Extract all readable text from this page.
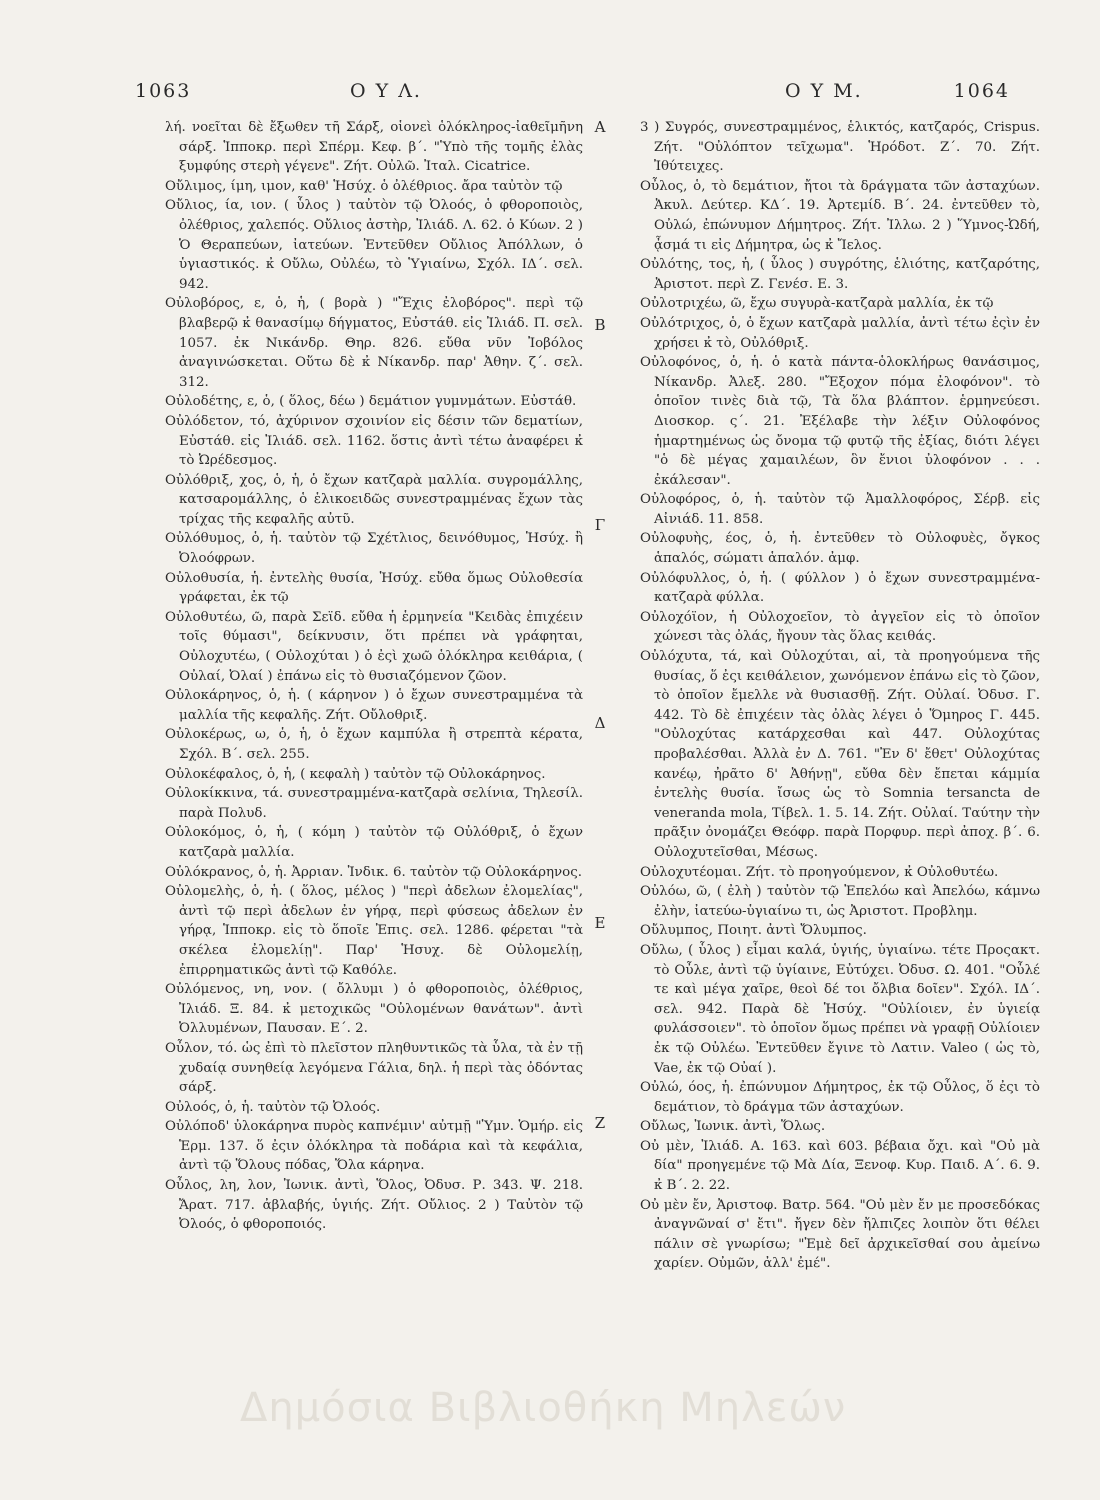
1063	Ο Υ Λ.	Ο Υ Μ.	1064

λή. νοεῖται δὲ ἔξωθεν τῆ Σάρξ, οἱονεὶ ὁλόκληρος-ἰαθεῖμῆνη σάρξ. Ἱπποκρ. περὶ Σπέρμ. Κεφ. β΄. "Ὑπὸ τῆς τομῆς ἐλὰς ξυμφύης στερὴ γέγενε". Ζήτ. Οὐλῶ. Ἰταλ. Cicatrice.

Οὔλιμος, ίμη, ιμον, καθ' Ἡσύχ. ὁ ὀλέθριος. ἄρα ταὐτὸν τῷ

Οὔλιος, ία, ιον. ( ὗλος ) ταὐτὸν τῷ Ὀλοός, ὁ φθοροποιὸς, ὀλέθριος, χαλεπός. Οὔλιος ἀστὴρ, Ἰλιάδ. Λ. 62. ὁ Κύων. 2 ) Ὁ Θεραπεύων, ἰατεύων. Ἐντεῦθεν Οὔλιος Ἀπόλλων, ὁ ὑγιαστικός. κ̓ Οὔλω, Οὐλέω, τὸ Ὑγιαίνω, Σχόλ. ΙΔ΄. σελ. 942.

Οὐλοβόρος, ε, ὁ, ἡ, ( βορὰ ) "Ἔχις ἐλοβόρος". περὶ τῷ βλαβερῷ κ̓ θανασίμῳ δήγματος, Εὐστάθ. εἰς Ἰλιάδ. Π. σελ. 1057. ἐκ Νικάνδρ. Θηρ. 826. εὔθα νῦν Ἰοβόλος ἀναγινώσκεται. Οὕτω δὲ κ̓ Νίκανδρ. παρ' Ἀθην. ζ΄. σελ. 312.

Οὐλοδέτης, ε, ὁ, ( ὅλος, δέω ) δεμάτιον γυμνμάτων. Εὐστάθ.

Οὐλόδετον, τό, ἀχύρινον σχοινίον εἰς δέσιν τῶν δεματίων, Εὐστάθ. εἰς Ἰλιάδ. σελ. 1162. ὅστις ἀντὶ τέτω ἀναφέρει κ̓ τὸ Ὠρέδεσμος.

Οὐλόθριξ, χος, ὁ, ἡ, ὁ ἔχων κατζαρὰ μαλλία. συγρομάλλης, κατσαρομάλλης, ὁ ἑλικοειδῶς συνεστραμμένας ἔχων τὰς τρίχας τῆς κεφαλῆς αὐτῦ.

Οὐλόθυμος, ὁ, ἡ. ταὐτὸν τῷ Σχέτλιος, δεινόθυμος, Ἡσύχ. ἢ Ὀλοόφρων.

Οὐλοθυσία, ἡ. ἐντελὴς θυσία, Ἡσύχ. εὔθα ὅμως Οὐλοθεσία γράφεται, ἐκ τῷ

Οὐλοθυτέω, ῶ, παρὰ Σεϊδ. εὔθα ἡ ἑρμηνεία "Κειδὰς ἐπιχέειν τοῖς θύμασι", δείκνυσιν, ὅτι πρέπει νὰ γράφηται, Οὐλοχυτέω, ( Οὐλοχύται ) ὁ ἐςὶ χωῶ ὁλόκληρα κειθάρια, ( Οὐλαί, Ὀλαί ) ἐπάνω εἰς τὸ θυσιαζόμενον ζῶον.

Οὐλοκάρηνος, ὁ, ἡ. ( κάρηνον ) ὁ ἔχων συνεστραμμένα τὰ μαλλία τῆς κεφαλῆς. Ζήτ. Οὔλοθριξ.

Οὐλοκέρως, ω, ὁ, ἡ, ὁ ἔχων καμπύλα ἢ στρεπτὰ κέρατα, Σχόλ. Β΄. σελ. 255.

Οὐλοκέφαλος, ὁ, ἡ, ( κεφαλὴ ) ταὐτὸν τῷ Οὐλοκάρηνος.

Οὐλοκίκκινα, τά. συνεστραμμένα-κατζαρὰ σελίνια, Τηλεσίλ. παρὰ Πολυδ.

Οὐλοκόμος, ὁ, ἡ, ( κόμη ) ταὐτὸν τῷ Οὐλόθριξ, ὁ ἔχων κατζαρὰ μαλλία.

Οὐλόκρανος, ὁ, ἡ. Ἀρριαν. Ἰνδικ. 6. ταὐτὸν τῷ Οὐλοκάρηνος.

Οὐλομελὴς, ὁ, ἡ. ( ὅλος, μέλος ) "περὶ ἀδελων ἐλομελίας", ἀντὶ τῷ περὶ ἀδελων ἐν γήρᾳ, περὶ φύσεως ἀδελων ἐν γήρᾳ, Ἱπποκρ. εἰς τὸ ὅποῖε Ἐπις. σελ. 1286. φέρεται "τὰ σκέλεα ἐλομελίῃ". Παρ' Ἡσυχ. δὲ Οὐλομελίῃ, ἐπιρρηματικῶς ἀντὶ τῷ Καθόλε.

Οὐλόμενος, νη, νον. ( ὄλλυμι ) ὁ φθοροποιὸς, ὀλέθριος, Ἰλιάδ. Ξ. 84. κ̓ μετοχικῶς "Οὐλομένων θανάτων". ἀντὶ Ὀλλυμένων, Παυσαν. Ε΄. 2.

Οὖλον, τό. ὡς ἐπὶ τὸ πλεῖστον πληθυντικῶς τὰ ὗλα, τὰ ἐν τῇ χυδαίᾳ συνηθείᾳ λεγόμενα Γάλια, δηλ. ἡ περὶ τὰς ὀδόντας σάρξ.

Οὐλοός, ὁ, ἡ. ταὐτὸν τῷ Ὀλοός.

Οὐλόποδ' ὐλοκάρηνα πυρὸς καπνέμιν' αὐτμῇ "Ὑμν. Ὁμήρ. εἰς Ἑρμ. 137. ὅ ἐςιν ὁλόκληρα τὰ ποδάρια καὶ τὰ κεφάλια, ἀντὶ τῷ Ὅλους πόδας, Ὅλα κάρηνα.

Οὖλος, λη, λον, Ἰωνικ. ἀντὶ, Ὅλος, Ὀδυσ. Ρ. 343. Ψ. 218. Ἄρατ. 717. ἀβλαβής, ὑγιής. Ζήτ. Οὔλιος. 2 ) Ταὐτὸν τῷ Ὀλοός, ὁ φθοροποιός.

Α
Β
Γ
Δ
Ε
Ζ

3 ) Συγρός, συνεστραμμένος, ἑλικτός, κατζαρός, Crispus. Ζήτ. "Οὐλόπτον τεῖχωμα". Ἡρόδοτ. Ζ΄. 70. Ζήτ. Ἰθύτειχες.

Οὖλος, ὁ, τὸ δεμάτιον, ἤτοι τὰ δράγματα τῶν ἀσταχύων. Ἀκυλ. Δεύτερ. ΚΔ΄. 19. Ἀρτεμίδ. Β΄. 24. ἐντεῦθεν τὸ, Οὐλώ, ἐπώνυμον Δήμητρος. Ζήτ. Ἰλλω. 2 ) Ὕμνος-Ὠδή, ᾆσμά τι εἰς Δήμητρα, ὡς κ̓ Ἴελος.

Οὐλότης, τος, ἡ, ( ὗλος ) συγρότης, ἑλιότης, κατζαρότης, Ἀριστοτ. περὶ Ζ. Γενέσ. Ε. 3.

Οὐλοτριχέω, ῶ, ἔχω συγυρὰ-κατζαρὰ μαλλία, ἐκ τῷ

Οὐλότριχος, ὁ, ὁ ἔχων κατζαρὰ μαλλία, ἀντὶ τέτω ἐςὶν ἐν χρήσει κ̓ τὸ, Οὐλόθριξ.

Οὐλοφόνος, ὁ, ἡ. ὁ κατὰ πάντα-ὁλοκλήρως θανάσιμος, Νίκανδρ. Ἀλεξ. 280. "Ἔξοχον πόμα ἐλοφόνον". τὸ ὁποῖον τινὲς διὰ τῷ, Τὰ ὅλα βλάπτον. ἑρμηνεύεσι. Διοσκορ. ς΄. 21. Ἐξέλαβε τὴν λέξιν Οὐλοφόνος ἡμαρτημένως ὡς ὄνομα τῷ φυτῷ τῆς ἐξίας, διότι λέγει "ὁ δὲ μέγας χαμαιλέων, ὃν ἔνιοι ὐλοφόνον . . . ἐκάλεσαν".

Οὐλοφόρος, ὁ, ἡ. ταὐτὸν τῷ Ἀμαλλοφόρος, Σέρβ. εἰς Αἰνιάδ. 11. 858.

Οὐλοφυὴς, έος, ὁ, ἡ. ἐντεῦθεν τὸ Οὐλοφυὲς, ὄγκος ἁπαλός, σώματι ἁπαλόν. ἀμφ.

Οὐλόφυλλος, ὁ, ἡ. ( φύλλον ) ὁ ἔχων συνεστραμμένα-κατζαρὰ φύλλα.

Οὐλοχόϊον, ἡ Οὐλοχοεῖον, τὸ ἀγγεῖον εἰς τὸ ὁποῖον χώνεσι τὰς ὀλάς, ἤγουν τὰς ὅλας κειθάς.

Οὐλόχυτα, τά, καὶ Οὐλοχύται, αἱ, τὰ προηγούμενα τῆς θυσίας, ὅ ἐςι κειθάλειον, χωνόμενον ἐπάνω εἰς τὸ ζῶον, τὸ ὁποῖον ἔμελλε νὰ θυσιασθῇ. Ζήτ. Οὐλαί. Ὀδυσ. Γ. 442. Τὸ δὲ ἐπιχέειν τὰς ὀλὰς λέγει ὁ Ὅμηρος Γ. 445. "Οὐλοχύτας κατάρχεσθαι καὶ 447. Οὐλοχύτας προβαλέσθαι. Ἀλλὰ ἐν Δ. 761. "Ἐν δ' ἔθετ' Οὐλοχύτας κανέῳ, ἠρᾶτο δ' Ἀθήνῃ", εὔθα δὲν ἔπεται κάμμία ἐντελὴς θυσία. ἴσως ὡς τὸ Somnia tersancta de veneranda mola, Τίβελ. 1. 5. 14. Ζήτ. Οὐλαί. Ταύτην τὴν πρᾶξιν ὀνομάζει Θεόφρ. παρὰ Πορφυρ. περὶ ἀποχ. β΄. 6. Οὐλοχυτεῖσθαι, Μέσως.

Οὐλοχυτέομαι. Ζήτ. τὸ προηγούμενον, κ̓ Οὐλοθυτέω.

Οὐλόω, ῶ, ( ἐλὴ ) ταὐτὸν τῷ Ἐπελόω καὶ Ἀπελόω, κάμνω ἐλὴν, ἰατεύω-ὑγιαίνω τι, ὡς Ἀριστοτ. Προβλημ.

Οὔλυμπος, Ποιητ. ἀντὶ Ὄλυμπος.

Οὔλω, ( ὗλος ) εἶμαι καλά, ὑγιής, ὑγιαίνω. τέτε Προςακτ. τὸ Οὖλε, ἀντὶ τῷ ὑγίαινε, Εὐτύχει. Ὀδυσ. Ω. 401. "Οὖλέ τε καὶ μέγα χαῖρε, θεοὶ δέ τοι ὄλβια δοῖεν". Σχόλ. ΙΔ΄. σελ. 942. Παρὰ δὲ Ἡσύχ. "Οὐλίοιεν, ἐν ὑγιείᾳ φυλάσσοιεν". τὸ ὁποῖον ὅμως πρέπει νὰ γραφῇ Οὐλίοιεν ἐκ τῷ Οὐλέω. Ἐντεῦθεν ἔγινε τὸ Λατιν. Valeo ( ὡς τὸ, Vae, ἐκ τῷ Οὐαί ).

Οὐλώ, όος, ἡ. ἐπώνυμον Δήμητρος, ἐκ τῷ Οὖλος, ὅ ἐςι τὸ δεμάτιον, τὸ δράγμα τῶν ἀσταχύων.

Οὔλως, Ἰωνικ. ἀντὶ, Ὅλως.

Οὐ μὲν, Ἰλιάδ. Α. 163. καὶ 603. βέβαια ὄχι. καὶ "Οὐ μὰ δία" προηγεμένε τῷ Μὰ Δία, Ξενοφ. Κυρ. Παιδ. Α΄. 6. 9. κ̓ Β΄. 2. 22.

Οὐ μὲν ἔν, Ἀριστοφ. Βατρ. 564. "Οὐ μὲν ἔν με προσεδόκας ἀναγνῶναί σ' ἔτι". ἤγεν δὲν ἤλπιζες λοιπὸν ὅτι θέλει πάλιν σὲ γνωρίσω; "Ἐμὲ δεῖ ἀρχικεῖσθαί σου ἀμείνω χαρίεν. Οὐμῶν, ἀλλ' ἐμέ".

Δημόσια Βιβλιοθήκη Μηλεών
